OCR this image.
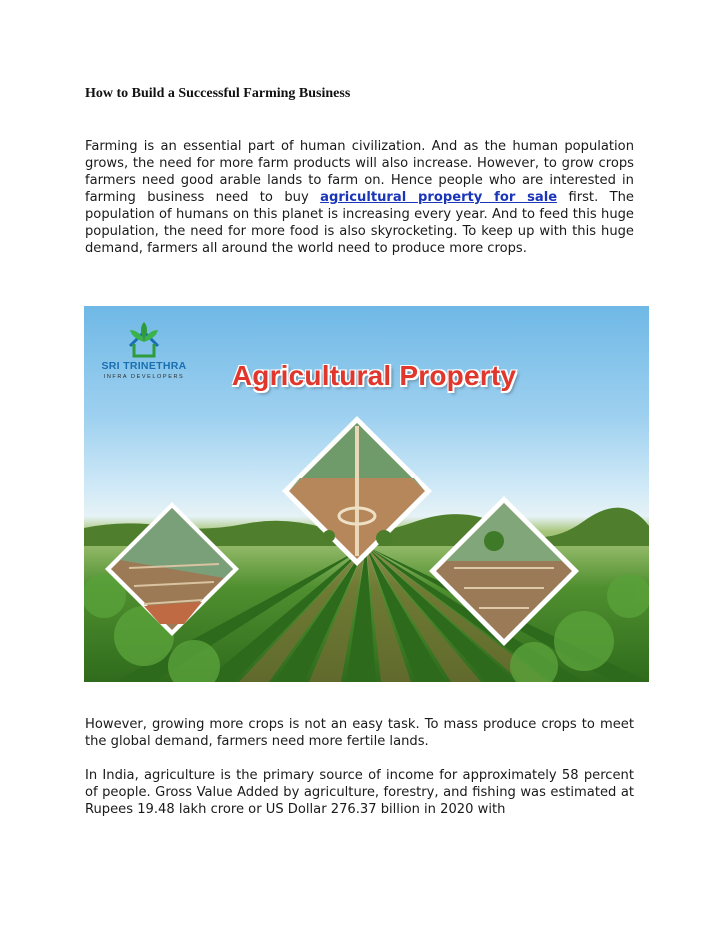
How to Build a Successful Farming Business

Farming is an essential part of human civilization. And as the human population grows, the need for more farm products will also increase. However, to grow crops farmers need good arable lands to farm on. Hence people who are interested in farming business need to buy agricultural property for sale first. The population of humans on this planet is increasing every year. And to feed this huge population, the need for more food is also skyrocketing. To keep up with this huge demand, farmers all around the world need to produce more crops.

SRI TRINETHRA
INFRA DEVELOPERS	Agricultural Property

However, growing more crops is not an easy task. To mass produce crops to meet the global demand, farmers need more fertile lands.

In India, agriculture is the primary source of income for approximately 58 percent of people. Gross Value Added by agriculture, forestry, and fishing was estimated at Rupees 19.48 lakh crore or US Dollar 276.37 billion in 2020 with
